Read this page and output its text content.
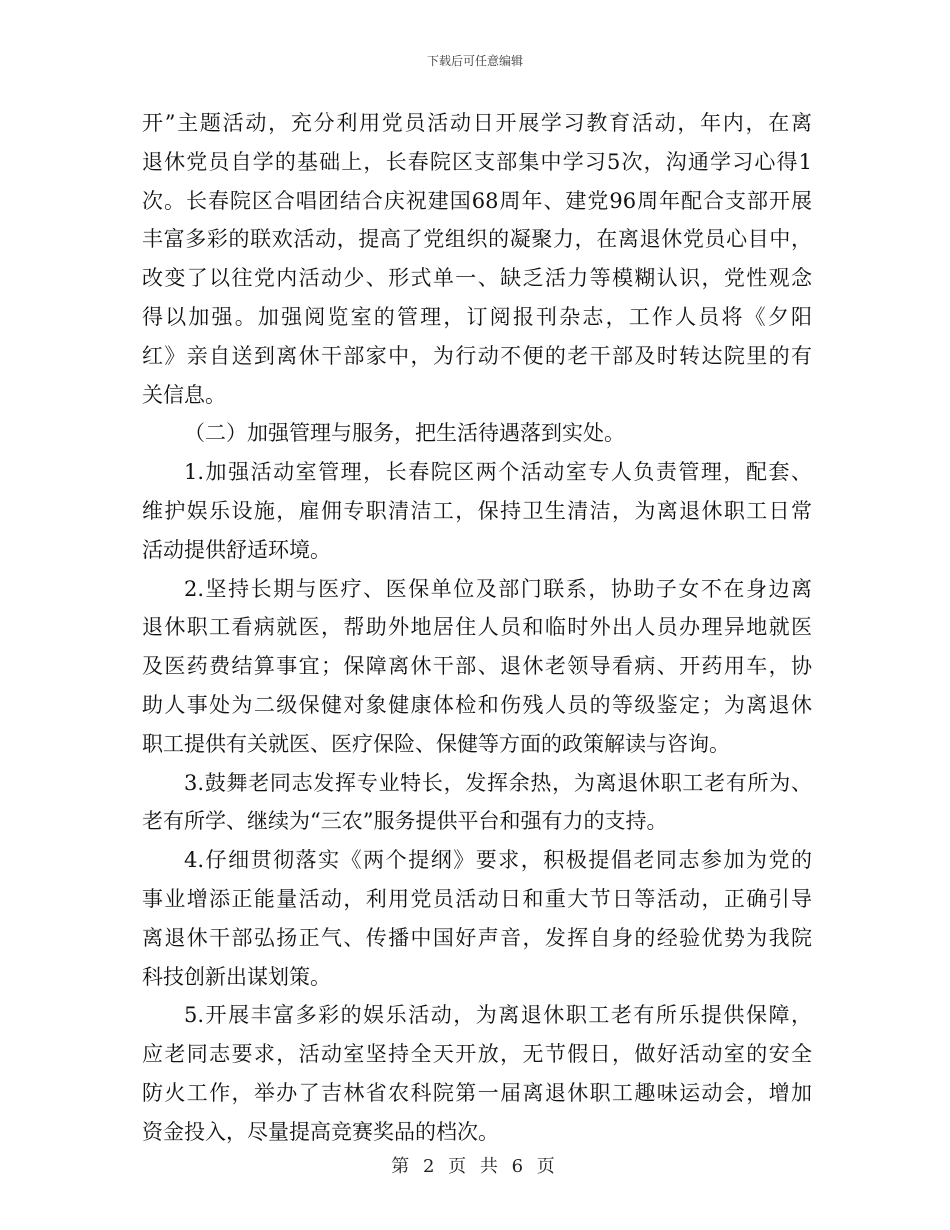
下载后可任意编辑
开”主题活动，充分利用党员活动日开展学习教育活动，年内，在离
退休党员自学的基础上，长春院区支部集中学习5次，沟通学习心得1
次。长春院区合唱团结合庆祝建国68周年、建党96周年配合支部开展
丰富多彩的联欢活动，提高了党组织的凝聚力，在离退休党员心目中，
改变了以往党内活动少、形式单一、缺乏活力等模糊认识，党性观念
得以加强。加强阅览室的管理，订阅报刊杂志，工作人员将《夕阳
红》亲自送到离休干部家中，为行动不便的老干部及时转达院里的有
关信息。
（二）加强管理与服务，把生活待遇落到实处。
1.加强活动室管理，长春院区两个活动室专人负责管理，配套、
维护娱乐设施，雇佣专职清洁工，保持卫生清洁，为离退休职工日常
活动提供舒适环境。
2.坚持长期与医疗、医保单位及部门联系，协助子女不在身边离
退休职工看病就医，帮助外地居住人员和临时外出人员办理异地就医
及医药费结算事宜；保障离休干部、退休老领导看病、开药用车，协
助人事处为二级保健对象健康体检和伤残人员的等级鉴定；为离退休
职工提供有关就医、医疗保险、保健等方面的政策解读与咨询。
3.鼓舞老同志发挥专业特长，发挥余热，为离退休职工老有所为、
老有所学、继续为“三农”服务提供平台和强有力的支持。
4.仔细贯彻落实《两个提纲》要求，积极提倡老同志参加为党的
事业增添正能量活动，利用党员活动日和重大节日等活动，正确引导
离退休干部弘扬正气、传播中国好声音，发挥自身的经验优势为我院
科技创新出谋划策。
5.开展丰富多彩的娱乐活动，为离退休职工老有所乐提供保障，
应老同志要求，活动室坚持全天开放，无节假日，做好活动室的安全
防火工作，举办了吉林省农科院第一届离退休职工趣味运动会，增加
资金投入，尽量提高竞赛奖品的档次。
第 2 页 共 6 页
